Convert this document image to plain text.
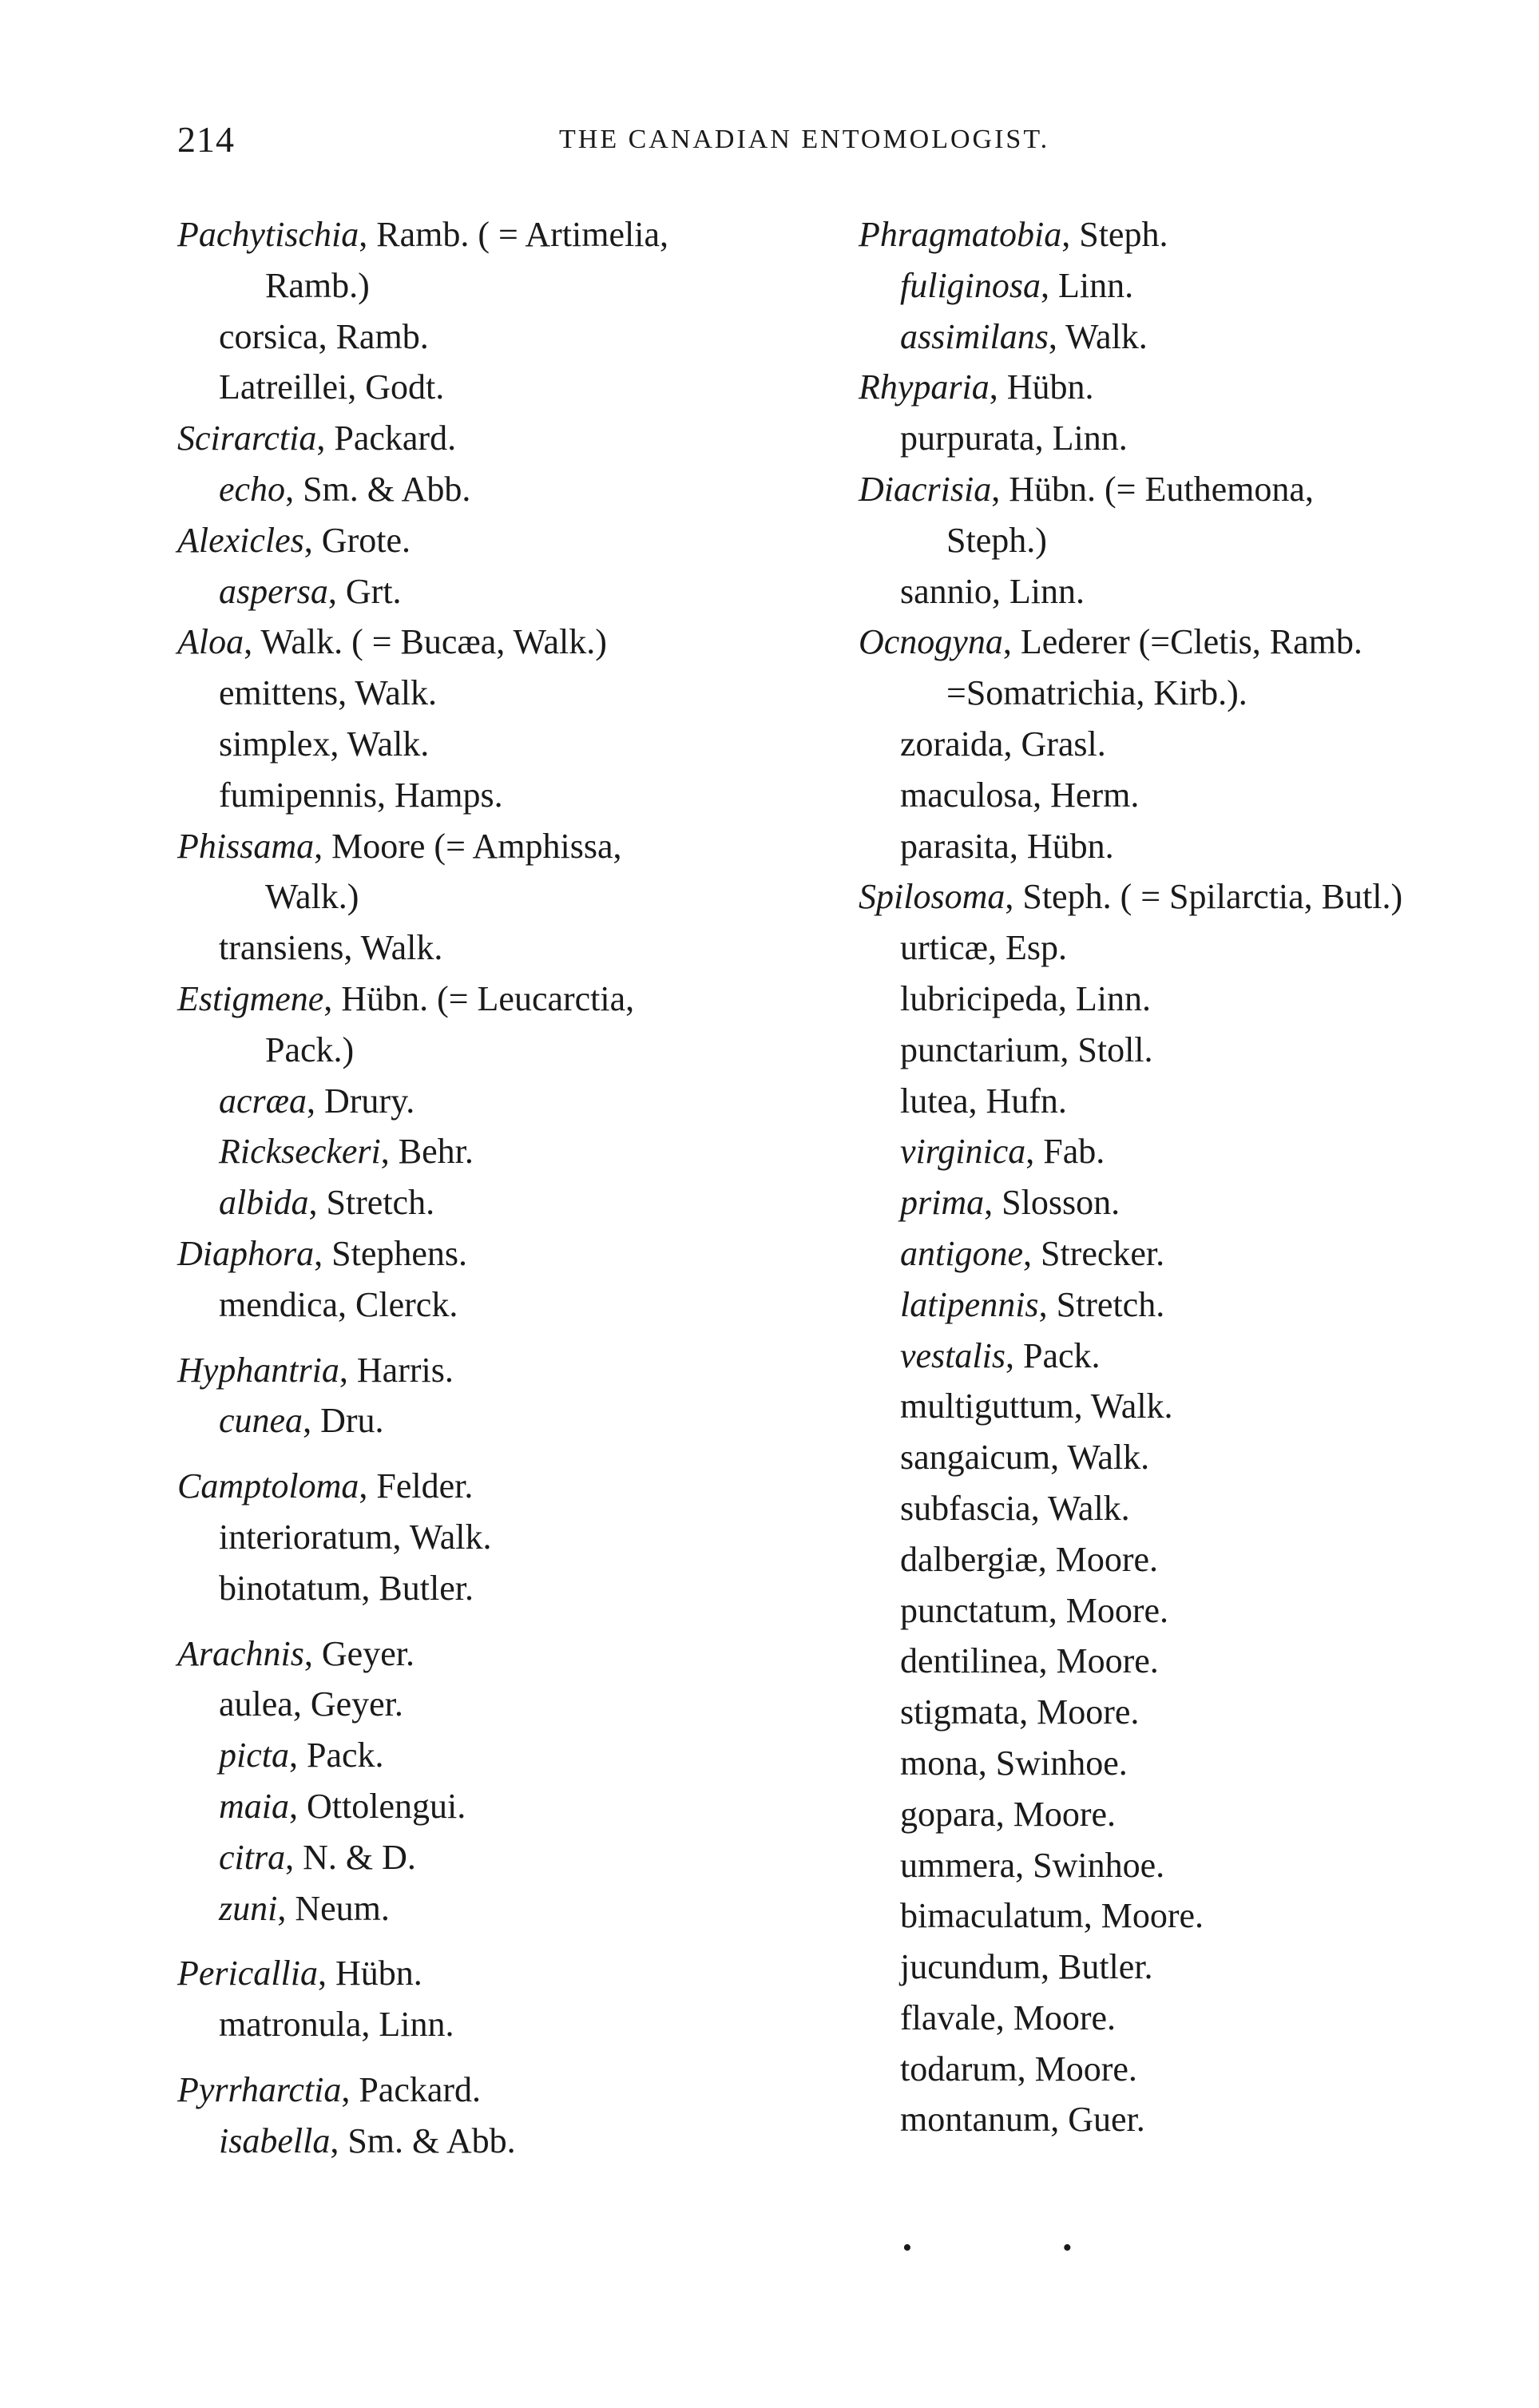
214	THE CANADIAN ENTOMOLOGIST.
Pachytischia, Ramb. ( = Artimelia,
Ramb.)
corsica, Ramb.
Latreillei, Godt.
Scirarctia, Packard.
echo, Sm. & Abb.
Alexicles, Grote.
aspersa, Grt.
Aloa, Walk. ( = Bucæa, Walk.)
emittens, Walk.
simplex, Walk.
fumipennis, Hamps.
Phissama, Moore (= Amphissa,
Walk.)
transiens, Walk.
Estigmene, Hübn. (= Leucarctia,
Pack.)
acræa, Drury.
Rickseckeri, Behr.
albida, Stretch.
Diaphora, Stephens.
mendica, Clerck.
Hyphantria, Harris.
cunea, Dru.
Camptoloma, Felder.
interioratum, Walk.
binotatum, Butler.
Arachnis, Geyer.
aulea, Geyer.
picta, Pack.
maia, Ottolengui.
citra, N. & D.
zuni, Neum.
Pericallia, Hübn.
matronula, Linn.
Pyrrharctia, Packard.
isabella, Sm. & Abb.
Phragmatobia, Steph.
fuliginosa, Linn.
assimilans, Walk.
Rhyparia, Hübn.
purpurata, Linn.
Diacrisia, Hübn. (= Euthemona,
Steph.)
sannio, Linn.
Ocnogyna, Lederer (=Cletis, Ramb.
=Somatrichia, Kirb.).
zoraida, Grasl.
maculosa, Herm.
parasita, Hübn.
Spilosoma, Steph. ( = Spilarctia, Butl.)
urticæ, Esp.
lubricipeda, Linn.
punctarium, Stoll.
lutea, Hufn.
virginica, Fab.
prima, Slosson.
antigone, Strecker.
latipennis, Stretch.
vestalis, Pack.
multiguttum, Walk.
sangaicum, Walk.
subfascia, Walk.
dalbergiæ, Moore.
punctatum, Moore.
dentilinea, Moore.
stigmata, Moore.
mona, Swinhoe.
gopara, Moore.
ummera, Swinhoe.
bimaculatum, Moore.
jucundum, Butler.
flavale, Moore.
todarum, Moore.
montanum, Guer.
• •
